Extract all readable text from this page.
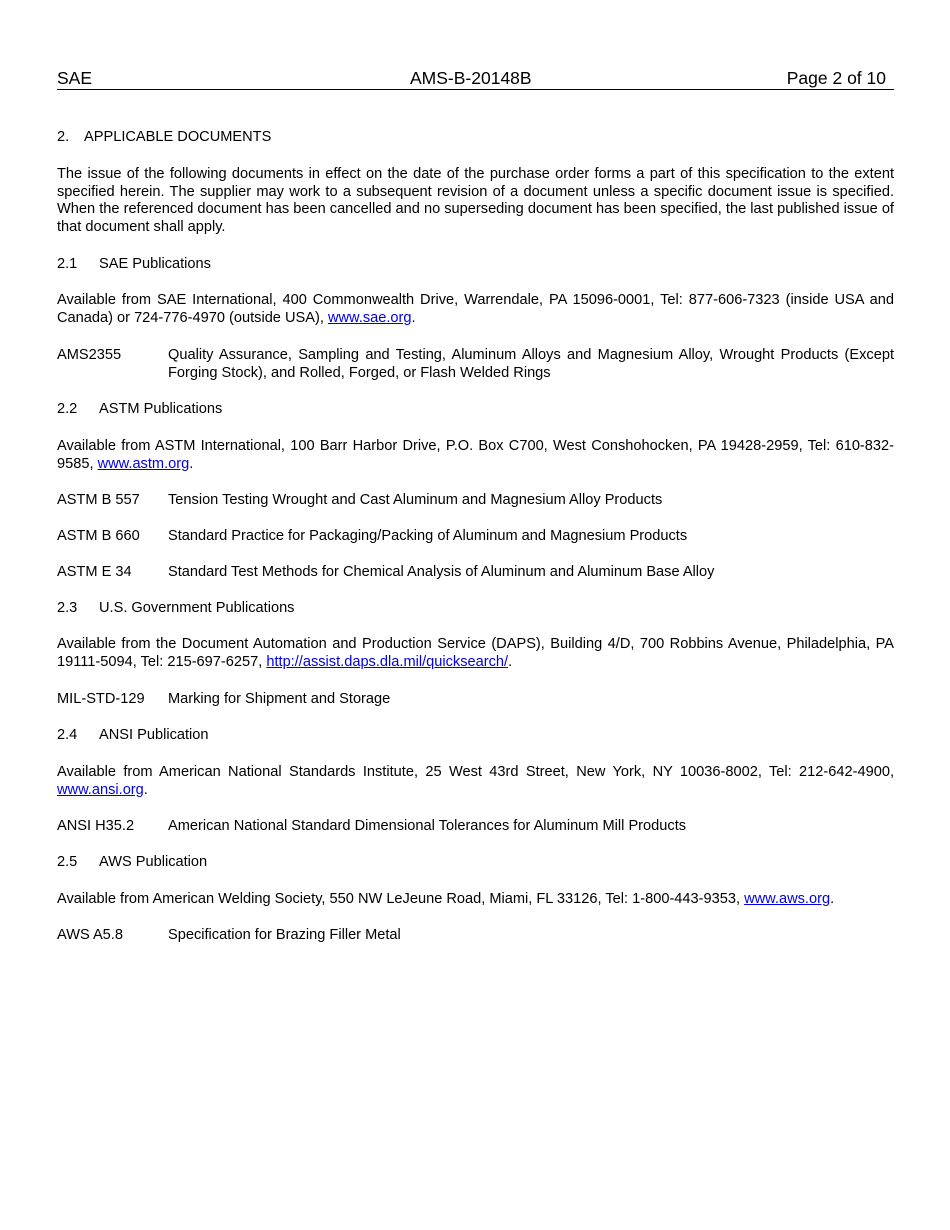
SAE	AMS-B-20148B	Page 2 of 10
2. APPLICABLE DOCUMENTS

The issue of the following documents in effect on the date of the purchase order forms a part of this specification to the extent specified herein. The supplier may work to a subsequent revision of a document unless a specific document issue is specified. When the referenced document has been cancelled and no superseding document has been specified, the last published issue of that document shall apply.

2.1 SAE Publications

Available from SAE International, 400 Commonwealth Drive, Warrendale, PA 15096-0001, Tel: 877-606-7323 (inside USA and Canada) or 724-776-4970 (outside USA), www.sae.org.

AMS2355	Quality Assurance, Sampling and Testing, Aluminum Alloys and Magnesium Alloy, Wrought Products (Except Forging Stock), and Rolled, Forged, or Flash Welded Rings
2.2 ASTM Publications

Available from ASTM International, 100 Barr Harbor Drive, P.O. Box C700, West Conshohocken, PA 19428-2959, Tel: 610-832-9585, www.astm.org.

ASTM B 557	Tension Testing Wrought and Cast Aluminum and Magnesium Alloy Products
ASTM B 660	Standard Practice for Packaging/Packing of Aluminum and Magnesium Products
ASTM E 34	Standard Test Methods for Chemical Analysis of Aluminum and Aluminum Base Alloy
2.3 U.S. Government Publications

Available from the Document Automation and Production Service (DAPS), Building 4/D, 700 Robbins Avenue, Philadelphia, PA 19111-5094, Tel: 215-697-6257, http://assist.daps.dla.mil/quicksearch/.

MIL-STD-129	Marking for Shipment and Storage
2.4 ANSI Publication

Available from American National Standards Institute, 25 West 43rd Street, New York, NY 10036-8002, Tel: 212-642-4900, www.ansi.org.

ANSI H35.2	American National Standard Dimensional Tolerances for Aluminum Mill Products
2.5 AWS Publication

Available from American Welding Society, 550 NW LeJeune Road, Miami, FL 33126, Tel: 1-800-443-9353, www.aws.org.

AWS A5.8	Specification for Brazing Filler Metal
